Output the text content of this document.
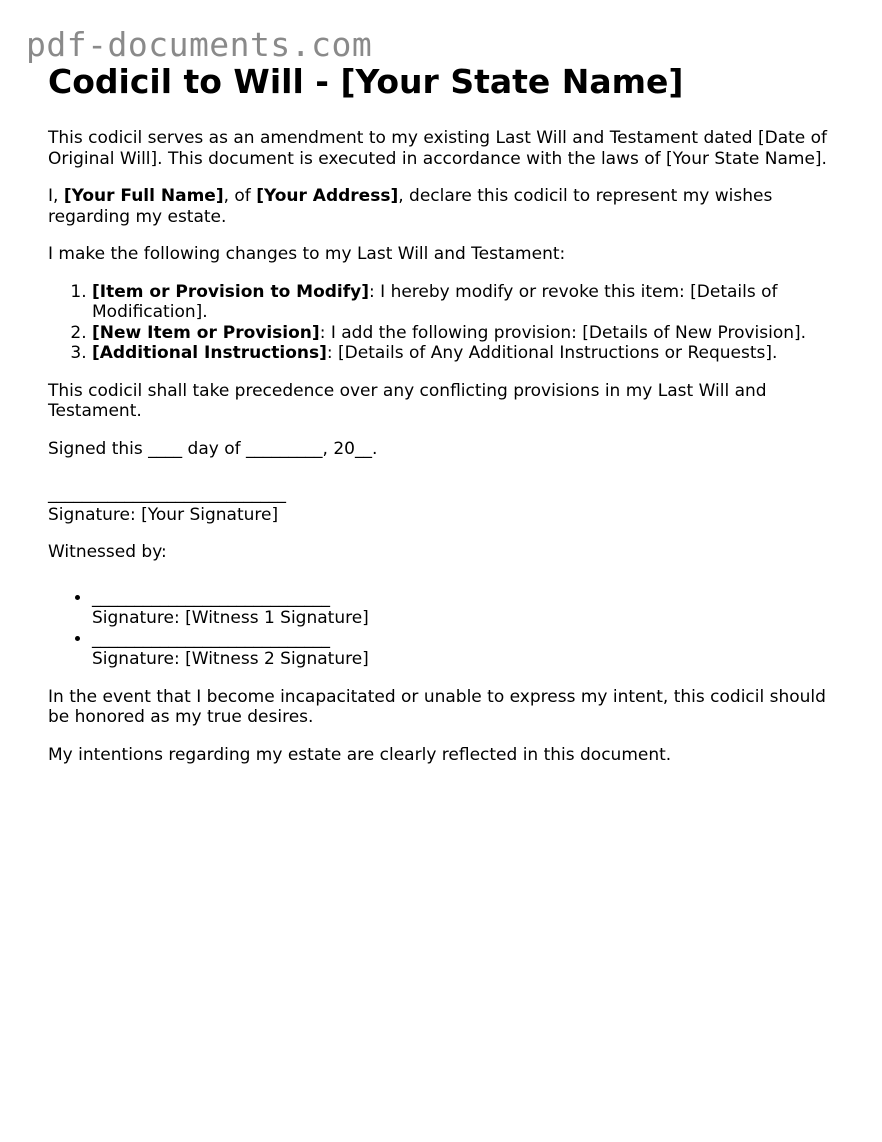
pdf-documents.com
Codicil to Will - [Your State Name]

This codicil serves as an amendment to my existing Last Will and Testament dated [Date of Original Will]. This document is executed in accordance with the laws of [Your State Name].

I, [Your Full Name], of [Your Address], declare this codicil to represent my wishes regarding my estate.

I make the following changes to my Last Will and Testament:

1. [Item or Provision to Modify]: I hereby modify or revoke this item: [Details of Modification].
2. [New Item or Provision]: I add the following provision: [Details of New Provision].
3. [Additional Instructions]: [Details of Any Additional Instructions or Requests].

This codicil shall take precedence over any conflicting provisions in my Last Will and Testament.

Signed this ____ day of _________, 20__.

____________________________
Signature: [Your Signature]

Witnessed by:

• ____________________________
Signature: [Witness 1 Signature]
• ____________________________
Signature: [Witness 2 Signature]

In the event that I become incapacitated or unable to express my intent, this codicil should be honored as my true desires.

My intentions regarding my estate are clearly reflected in this document.
